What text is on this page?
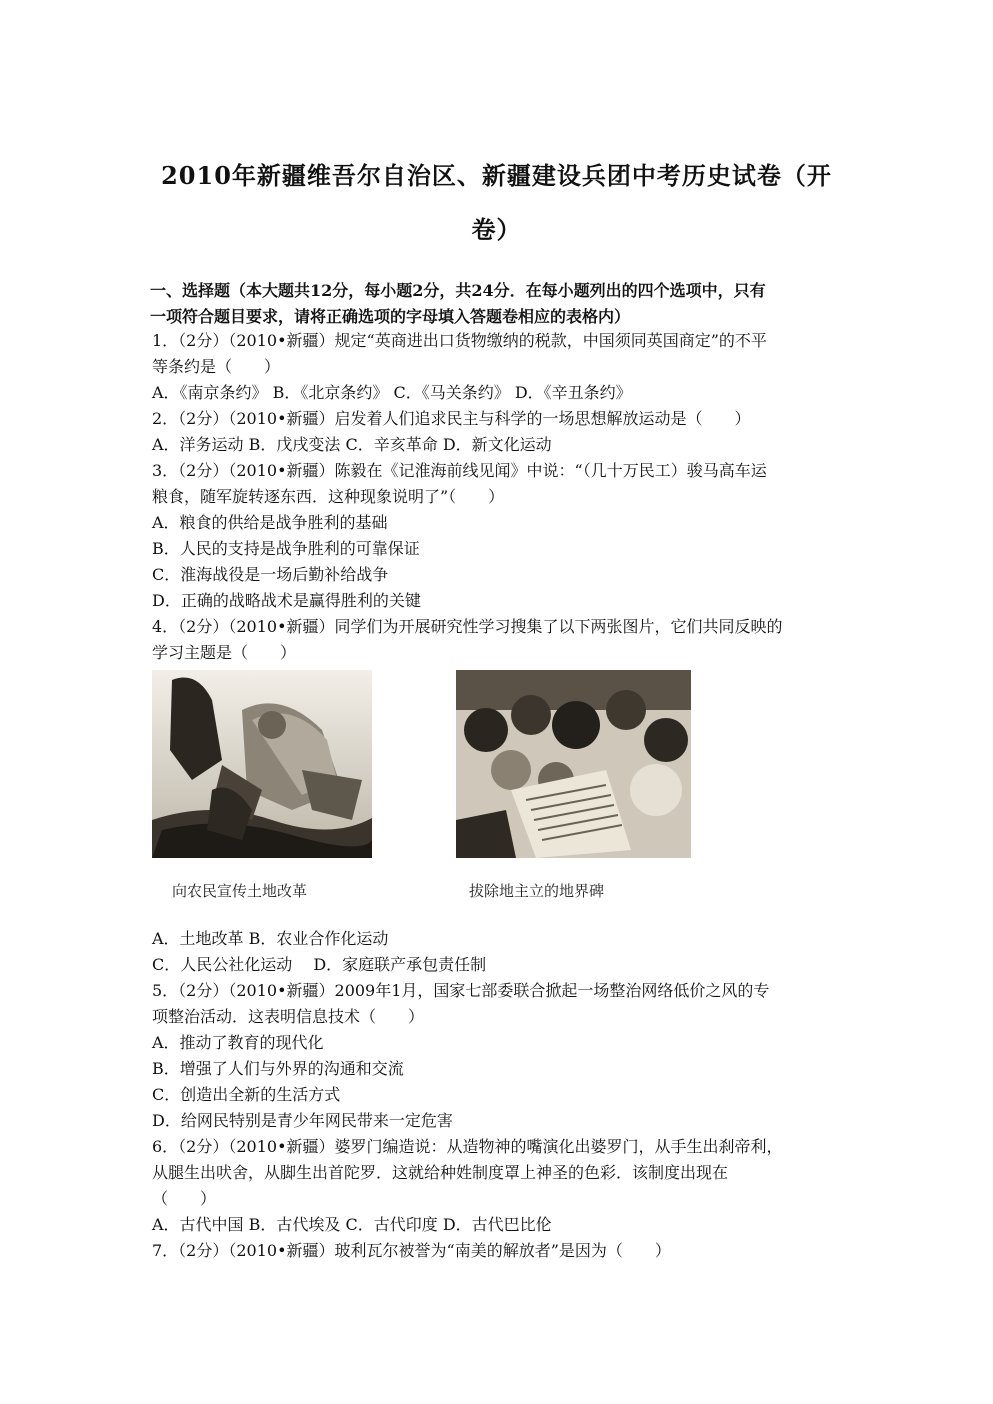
2010年新疆维吾尔自治区、新疆建设兵团中考历史试卷（开
卷）
一、选择题（本大题共12分，每小题2分，共24分．在每小题列出的四个选项中，只有
一项符合题目要求，请将正确选项的字母填入答题卷相应的表格内）
1．（2分）（2010•新疆）规定“英商进出口货物缴纳的税款，中国须同英国商定”的不平
等条约是（　　）
A．《南京条约》 B．《北京条约》 C．《马关条约》 D．《辛丑条约》
2．（2分）（2010•新疆）启发着人们追求民主与科学的一场思想解放运动是（　　）
A．洋务运动 B．戊戌变法 C．辛亥革命 D．新文化运动
3．（2分）（2010•新疆）陈毅在《记淮海前线见闻》中说：“（几十万民工）骏马高车运
粮食，随军旋转逐东西．这种现象说明了”（　　）
A．粮食的供给是战争胜利的基础
B．人民的支持是战争胜利的可靠保证
C．淮海战役是一场后勤补给战争
D．正确的战略战术是赢得胜利的关键
4．（2分）（2010•新疆）同学们为开展研究性学习搜集了以下两张图片，它们共同反映的
学习主题是（　　）
A．土地改革 B．农业合作化运动
C．人民公社化运动　 D．家庭联产承包责任制
5．（2分）（2010•新疆）2009年1月，国家七部委联合掀起一场整治网络低价之风的专
项整治活动．这表明信息技术（　　）
A．推动了教育的现代化
B．增强了人们与外界的沟通和交流
C．创造出全新的生活方式
D．给网民特别是青少年网民带来一定危害
6．（2分）（2010•新疆）婆罗门编造说：从造物神的嘴演化出婆罗门，从手生出刹帝利，
从腿生出吠舍，从脚生出首陀罗．这就给种姓制度罩上神圣的色彩．该制度出现在
（　　）
A．古代中国 B．古代埃及 C．古代印度 D．古代巴比伦
7．（2分）（2010•新疆）玻利瓦尔被誉为“南美的解放者”是因为（　　）
向农民宣传土地改革	拔除地主立的地界碑
